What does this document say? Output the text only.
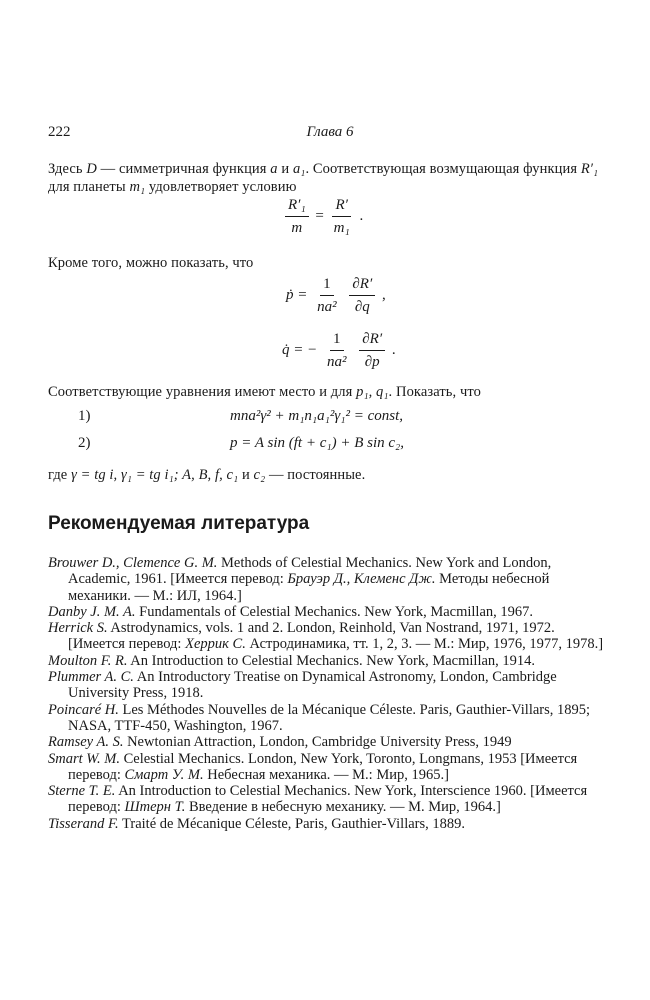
222	Глава 6
Здесь D — симметричная функция a и a₁. Соответствующая возмущающая функция R′₁ для планеты m₁ удовлетворяет условию
$\frac{\text{R′₁}}{m} = \frac{R'}{\text{m₁}}$ .
Кроме того, можно показать, что
ṗ = $\frac{1}{\text{na²}}$
$\frac{\partial R'}{\partial q}$ ,
q̇ = − $\frac{1}{\text{na²}}$
$\frac{\partial R'}{\partial p}$ .
Соответствующие уравнения имеют место и для p₁, q₁. Показать, что
1)	mna²γ² + m₁n₁a₁²γ₁² = const,
2)	p = A sin (ft + c₁) + B sin c₂,
где γ = tg i, γ₁ = tg i₁; A, B, f, c₁ и c₂ — постоянные.
Рекомендуемая литература

Brouwer D., Clemence G. M. Methods of Celestial Mechanics. New York and London, Academic, 1961. [Имеется перевод: Брауэр Д., Клеменс Дж. Методы небесной механики. — М.: ИЛ, 1964.]

Danby J. M. A. Fundamentals of Celestial Mechanics. New York, Macmillan, 1967.

Herrick S. Astrodynamics, vols. 1 and 2. London, Reinhold, Van Nostrand, 1971, 1972. [Имеется перевод: Херрик С. Астродинамика, тт. 1, 2, 3. — М.: Мир, 1976, 1977, 1978.]

Moulton F. R. An Introduction to Celestial Mechanics. New York, Macmillan, 1914.

Plummer A. C. An Introductory Treatise on Dynamical Astronomy, London, Cambridge University Press, 1918.

Poincaré H. Les Méthodes Nouvelles de la Mécanique Céleste. Paris, Gauthier-Villars, 1895; NASA, TTF-450, Washington, 1967.

Ramsey A. S. Newtonian Attraction, London, Cambridge University Press, 1949

Smart W. M. Celestial Mechanics. London, New York, Toronto, Longmans, 1953 [Имеется перевод: Смарт У. М. Небесная механика. — М.: Мир, 1965.]

Sterne T. E. An Introduction to Celestial Mechanics. New York, Interscience 1960. [Имеется перевод: Штерн Т. Введение в небесную механику. — М. Мир, 1964.]

Tisserand F. Traité de Mécanique Céleste, Paris, Gauthier-Villars, 1889.
